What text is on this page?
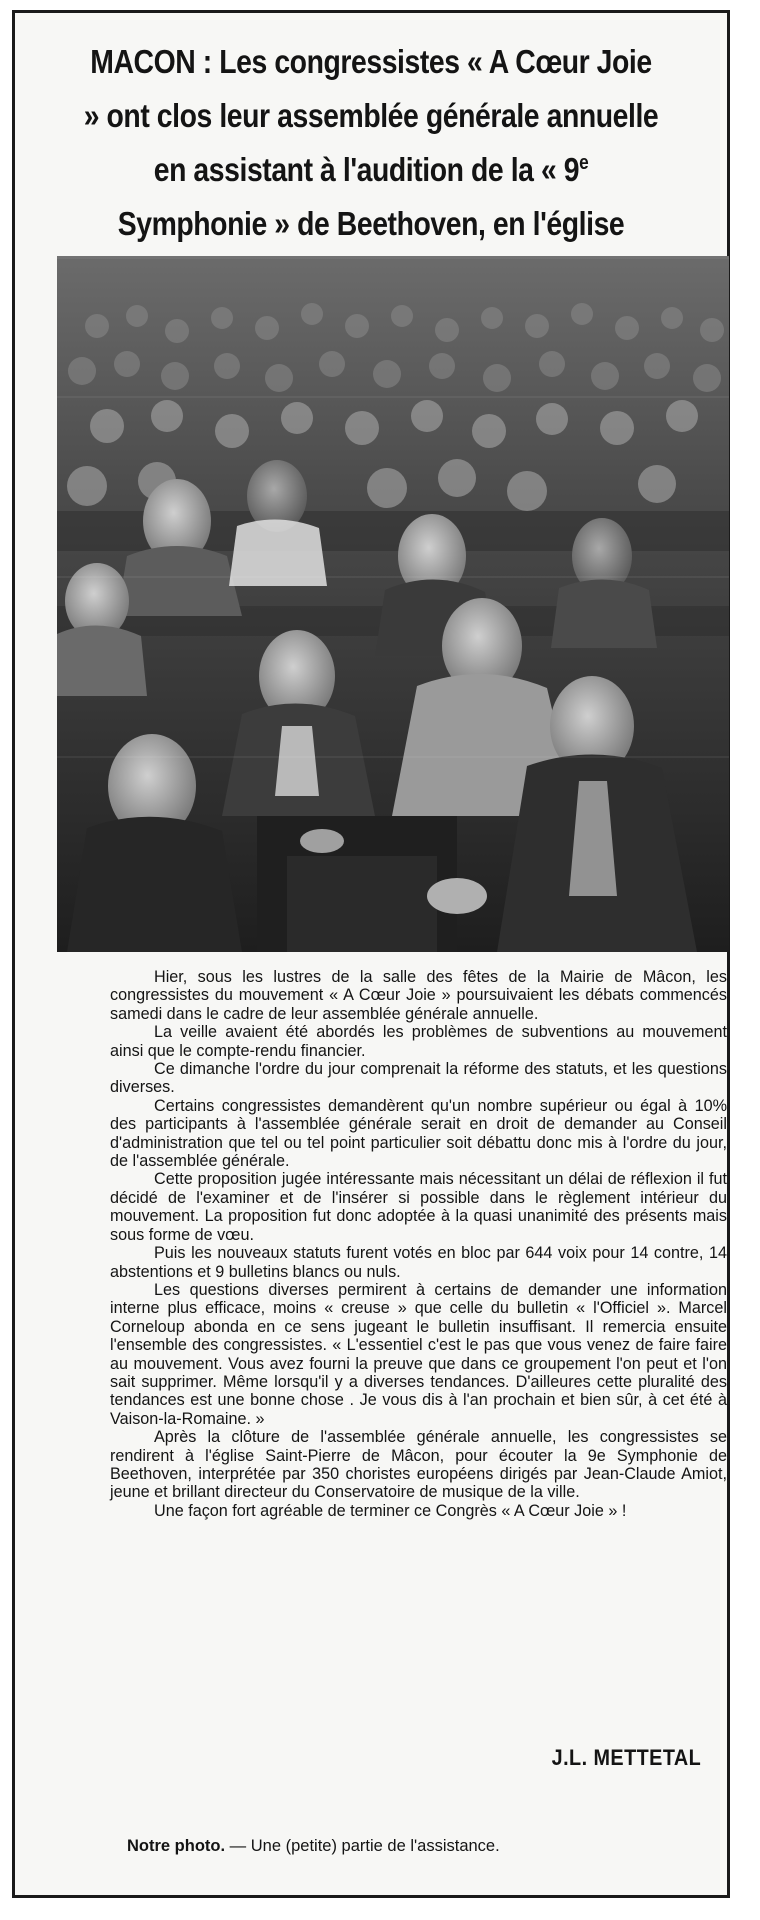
MACON : Les congressistes « A Cœur Joie » ont clos leur assemblée générale annuelle en assistant à l'audition de la « 9e Symphonie » de Beethoven, en l'église

Hier, sous les lustres de la salle des fêtes de la Mairie de Mâcon, les congressistes du mouvement « A Cœur Joie » poursuivaient les débats commencés samedi dans le cadre de leur assemblée générale annuelle.

La veille avaient été abordés les problèmes de subventions au mouvement ainsi que le compte-rendu financier.

Ce dimanche l'ordre du jour comprenait la réforme des statuts, et les questions diverses.

Certains congressistes demandèrent qu'un nombre supérieur ou égal à 10% des participants à l'assemblée générale serait en droit de demander au Conseil d'administration que tel ou tel point particulier soit débattu donc mis à l'ordre du jour, de l'assemblée générale.

Cette proposition jugée intéressante mais nécessitant un délai de réflexion il fut décidé de l'examiner et de l'insérer si possible dans le règlement intérieur du mouvement. La proposition fut donc adoptée à la quasi unanimité des présents mais sous forme de vœu.

Puis les nouveaux statuts furent votés en bloc par 644 voix pour 14 contre, 14 abstentions et 9 bulletins blancs ou nuls.

Les questions diverses permirent à certains de demander une information interne plus efficace, moins « creuse » que celle du bulletin « l'Officiel ». Marcel Corneloup abonda en ce sens jugeant le bulletin insuffisant. Il remercia ensuite l'ensemble des congressistes. « L'essentiel c'est le pas que vous venez de faire faire au mouvement. Vous avez fourni la preuve que dans ce groupement l'on peut et l'on sait supprimer. Même lorsqu'il y a diverses tendances. D'ailleures cette pluralité des tendances est une bonne chose . Je vous dis à l'an prochain et bien sûr, à cet été à Vaison-la-Romaine. »

Après la clôture de l'assemblée générale annuelle, les congressistes se rendirent à l'église Saint-Pierre de Mâcon, pour écouter la 9e Symphonie de Beethoven, interprétée par 350 choristes européens dirigés par Jean-Claude Amiot, jeune et brillant directeur du Conservatoire de musique de la ville.

Une façon fort agréable de terminer ce Congrès « A Cœur Joie » !

J.L. METTETAL
Notre photo. — Une (petite) partie de l'assistance.
